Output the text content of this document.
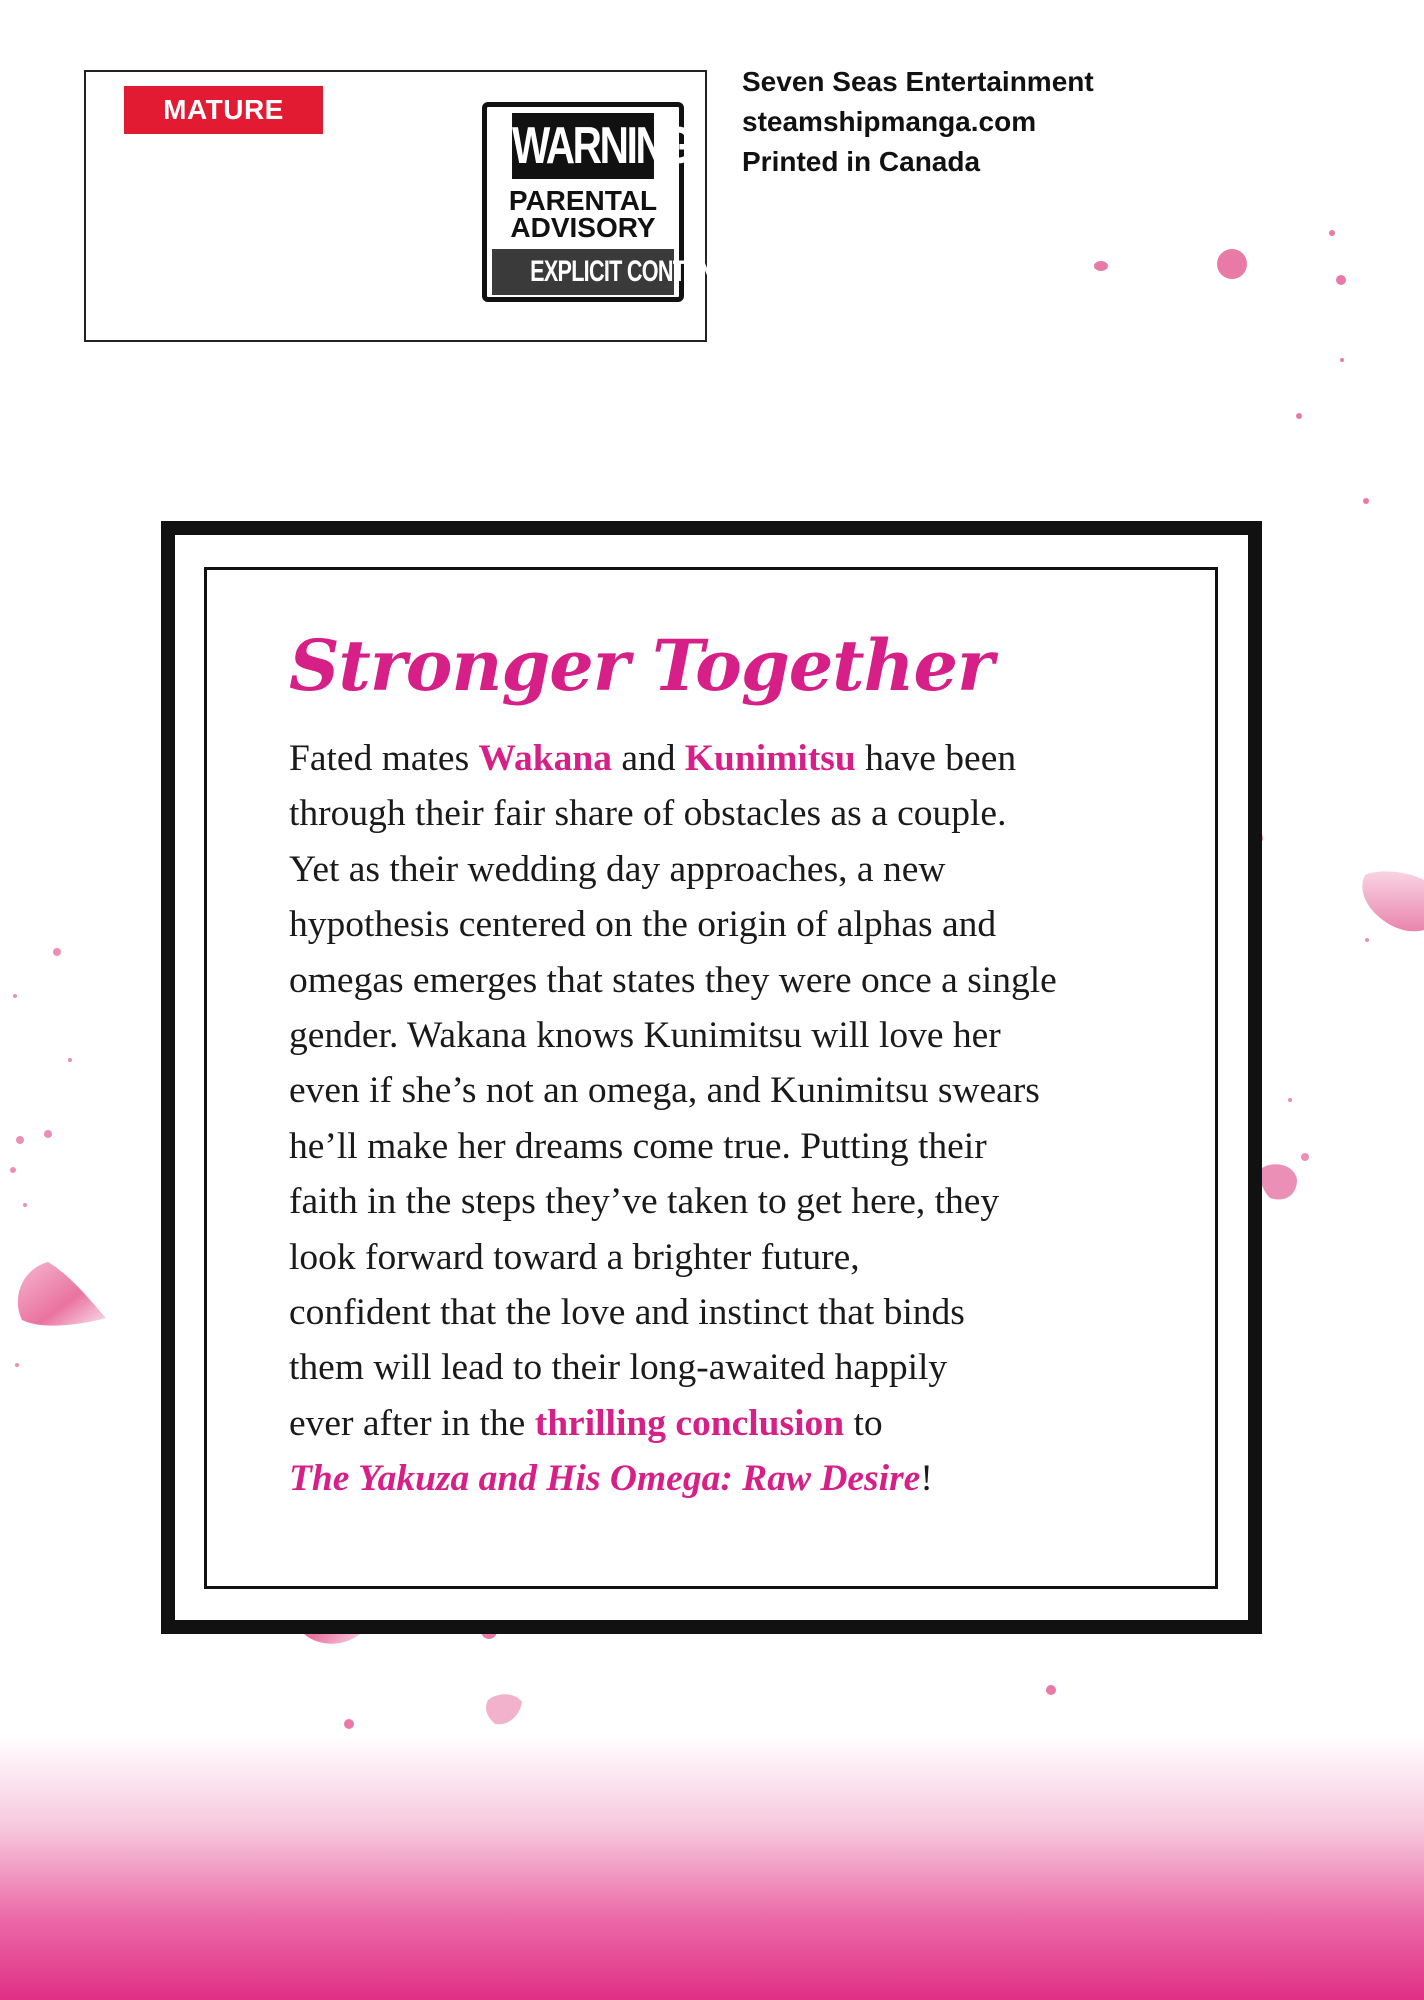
MATURE
WARNING
PARENTAL
ADVISORY
EXPLICIT CONTENT
Seven Seas Entertainment
steamshipmanga.com
Printed in Canada
Stronger Together
Fated mates Wakana and Kunimitsu have been
through their fair share of obstacles as a couple.
Yet as their wedding day approaches, a new
hypothesis centered on the origin of alphas and
omegas emerges that states they were once a single
gender. Wakana knows Kunimitsu will love her
even if she’s not an omega, and Kunimitsu swears
he’ll make her dreams come true. Putting their
faith in the steps they’ve taken to get here, they
look forward toward a brighter future,
confident that the love and instinct that binds
them will lead to their long-awaited happily
ever after in the thrilling conclusion to
The Yakuza and His Omega: Raw Desire!
